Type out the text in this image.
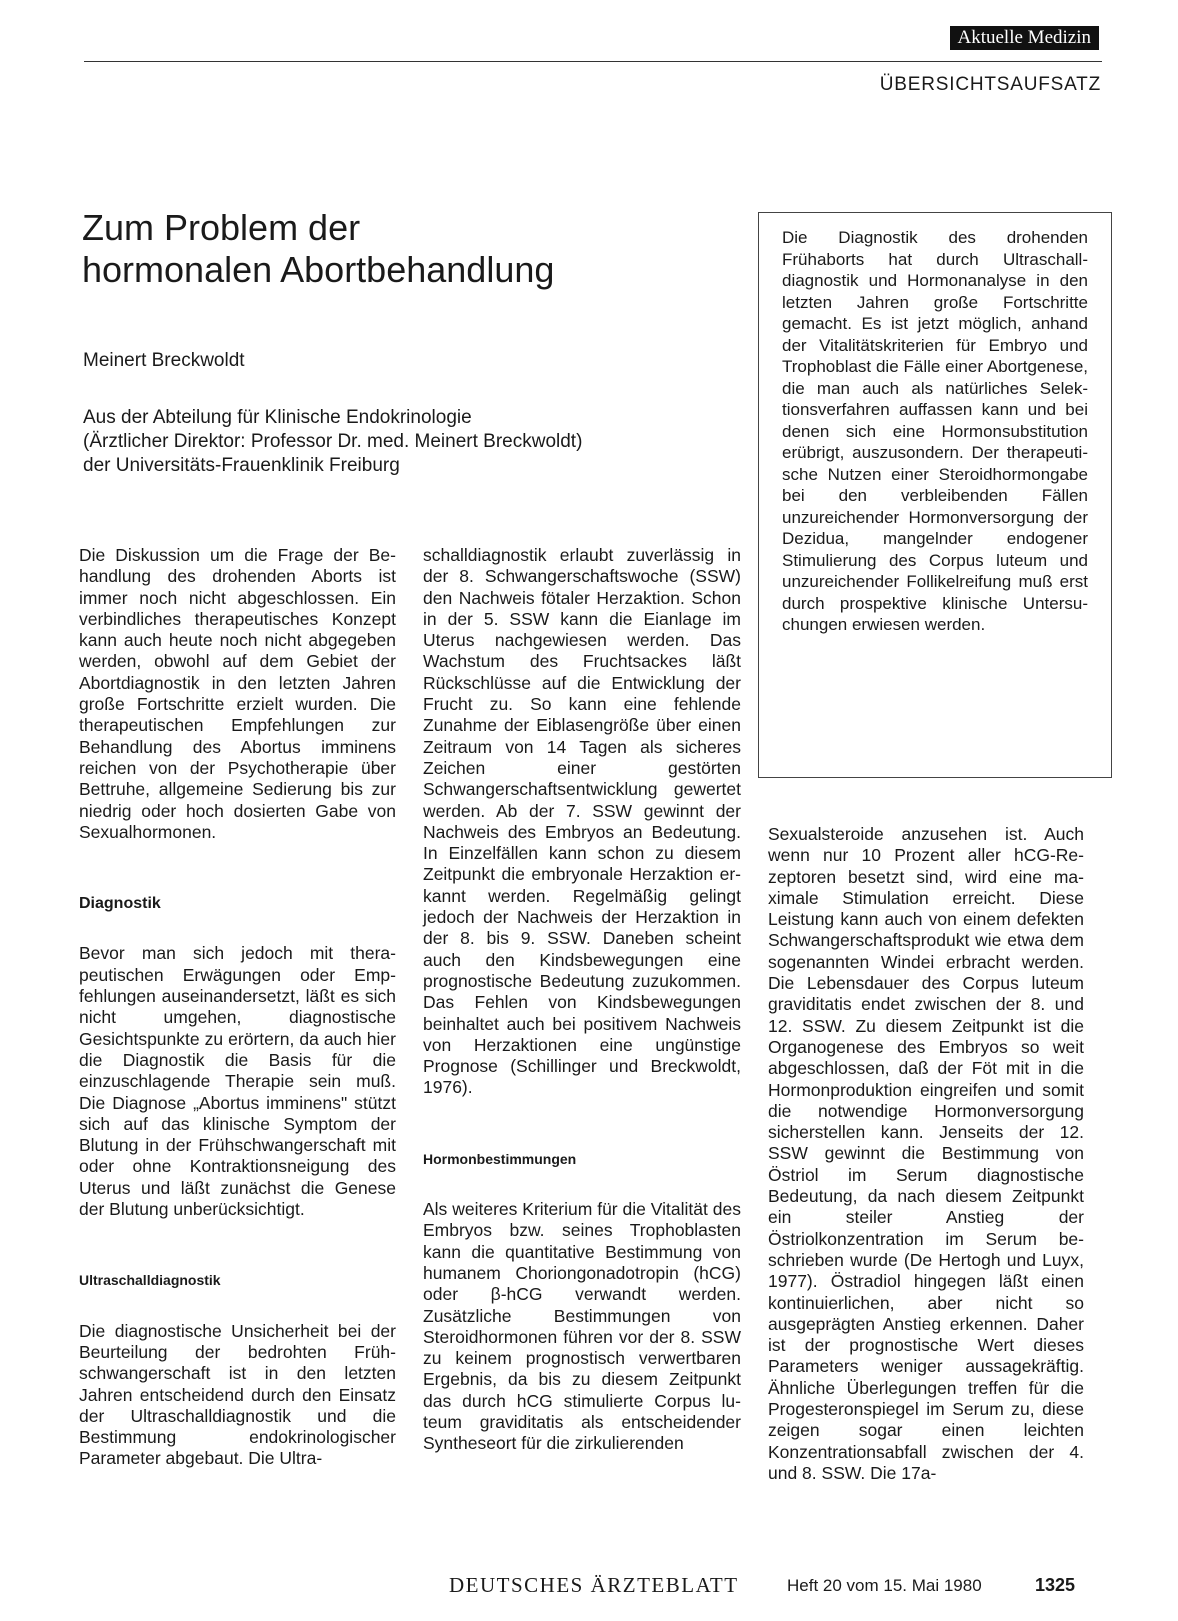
Aktuelle Medizin
ÜBERSICHTSAUFSATZ
Zum Problem der
hormonalen Abortbehandlung

Meinert Breckwoldt

Aus der Abteilung für Klinische Endokrinologie
(Ärztlicher Direktor: Professor Dr. med. Meinert Breckwoldt)
der Universitäts-Frauenklinik Freiburg

Die Diagnostik des drohenden Frühaborts hat durch Ultraschalldiagnostik und Hormonanalyse in den letzten Jahren große Fortschritte gemacht. Es ist jetzt möglich, anhand der Vitalitätskriterien für Embryo und Trophoblast die Fälle einer Abortgenese, die man auch als natürliches Selektionsverfahren auffassen kann und bei denen sich eine Hormonsubstitution erübrigt, auszusondern. Der therapeutische Nutzen einer Steroidhormongabe bei den verbleibenden Fällen unzureichender Hormonversorgung der Dezidua, mangelnder endogener Stimulierung des Corpus luteum und unzureichender Follikelreifung muß erst durch prospektive klinische Untersuchungen erwiesen werden.

Die Diskussion um die Frage der Behandlung des drohenden Aborts ist immer noch nicht abgeschlossen. Ein verbindliches therapeutisches Konzept kann auch heute noch nicht abgegeben werden, obwohl auf dem Gebiet der Abortdiagnostik in den letzten Jahren große Fortschritte erzielt wurden. Die therapeutischen Empfehlungen zur Behandlung des Abortus imminens reichen von der Psychotherapie über Bettruhe, allgemeine Sedierung bis zur niedrig oder hoch dosierten Gabe von Sexualhormonen.

Diagnostik

Bevor man sich jedoch mit therapeutischen Erwägungen oder Empfehlungen auseinandersetzt, läßt es sich nicht umgehen, diagnostische Gesichtspunkte zu erörtern, da auch hier die Diagnostik die Basis für die einzuschlagende Therapie sein muß. Die Diagnose „Abortus imminens" stützt sich auf das klinische Symptom der Blutung in der Frühschwangerschaft mit oder ohne Kontraktionsneigung des Uterus und läßt zunächst die Genese der Blutung unberücksichtigt.

Ultraschalldiagnostik

Die diagnostische Unsicherheit bei der Beurteilung der bedrohten Frühschwangerschaft ist in den letzten Jahren entscheidend durch den Einsatz der Ultraschalldiagnostik und die Bestimmung endokrinologischer Parameter abgebaut. Die Ultra-

schalldiagnostik erlaubt zuverlässig in der 8. Schwangerschaftswoche (SSW) den Nachweis fötaler Herzaktion. Schon in der 5. SSW kann die Eianlage im Uterus nachgewiesen werden. Das Wachstum des Fruchtsackes läßt Rückschlüsse auf die Entwicklung der Frucht zu. So kann eine fehlende Zunahme der Eiblasengröße über einen Zeitraum von 14 Tagen als sicheres Zeichen einer gestörten Schwangerschaftsentwicklung gewertet werden. Ab der 7. SSW gewinnt der Nachweis des Embryos an Bedeutung. In Einzelfällen kann schon zu diesem Zeitpunkt die embryonale Herzaktion erkannt werden. Regelmäßig gelingt jedoch der Nachweis der Herzaktion in der 8. bis 9. SSW. Daneben scheint auch den Kindsbewegungen eine prognostische Bedeutung zuzukommen. Das Fehlen von Kindsbewegungen beinhaltet auch bei positivem Nachweis von Herzaktionen eine ungünstige Prognose (Schillinger und Breckwoldt, 1976).

Hormonbestimmungen

Als weiteres Kriterium für die Vitalität des Embryos bzw. seines Trophoblasten kann die quantitative Bestimmung von humanem Choriongonadotropin (hCG) oder β-hCG verwandt werden. Zusätzliche Bestimmungen von Steroidhormonen führen vor der 8. SSW zu keinem prognostisch verwertbaren Ergebnis, da bis zu diesem Zeitpunkt das durch hCG stimulierte Corpus luteum graviditatis als entscheidender Syntheseort für die zirkulierenden

Sexualsteroide anzusehen ist. Auch wenn nur 10 Prozent aller hCG-Rezeptoren besetzt sind, wird eine maximale Stimulation erreicht. Diese Leistung kann auch von einem defekten Schwangerschaftsprodukt wie etwa dem sogenannten Windei erbracht werden. Die Lebensdauer des Corpus luteum graviditatis endet zwischen der 8. und 12. SSW. Zu diesem Zeitpunkt ist die Organogenese des Embryos so weit abgeschlossen, daß der Föt mit in die Hormonproduktion eingreifen und somit die notwendige Hormonversorgung sicherstellen kann. Jenseits der 12. SSW gewinnt die Bestimmung von Östriol im Serum diagnostische Bedeutung, da nach diesem Zeitpunkt ein steiler Anstieg der Östriolkonzentration im Serum beschrieben wurde (De Hertogh und Luyx, 1977). Östradiol hingegen läßt einen kontinuierlichen, aber nicht so ausgeprägten Anstieg erkennen. Daher ist der prognostische Wert dieses Parameters weniger aussagekräftig. Ähnliche Überlegungen treffen für die Progesteronspiegel im Serum zu, diese zeigen sogar einen leichten Konzentrationsabfall zwischen der 4. und 8. SSW. Die 17a-

DEUTSCHES ÄRZTEBLATT	Heft 20 vom 15. Mai 1980	1325
